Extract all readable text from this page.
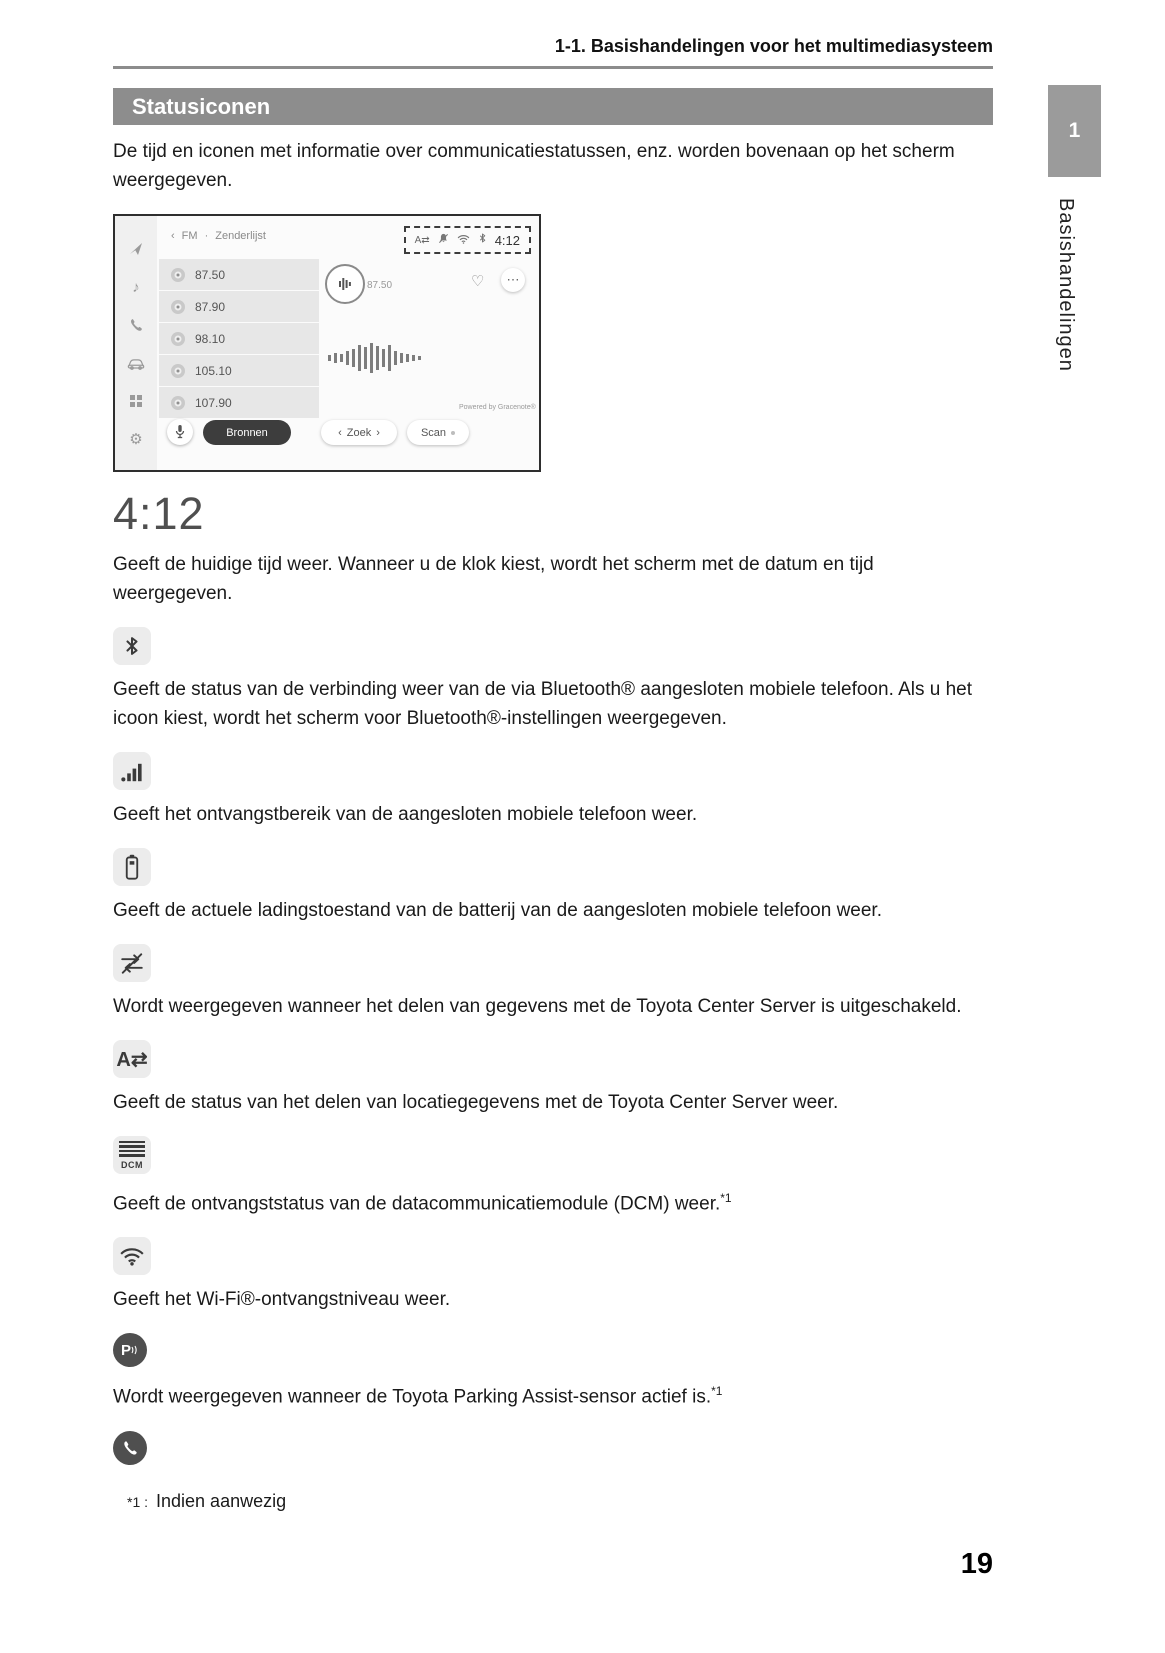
1
Basishandelingen
1-1. Basishandelingen voor het multimediasysteem
Statusiconen

De tijd en iconen met informatie over communicatiestatussen, enz. worden bovenaan op het scherm weergegeven.

♪
⚙
‹ FM · Zenderlijst	A⇄	4:12
87.50
87.90
98.10
105.10
107.90
87.50	♡ ⋯
Powered by Gracenote®
Bronnen	‹ Zoek ›	Scan
4:12

Geeft de huidige tijd weer. Wanneer u de klok kiest, wordt het scherm met de datum en tijd weergegeven.

Geeft de status van de verbinding weer van de via Bluetooth® aangesloten mobiele telefoon. Als u het icoon kiest, wordt het scherm voor Bluetooth®-instellingen weergegeven.

Geeft het ontvangstbereik van de aangesloten mobiele telefoon weer.

Geeft de actuele ladingstoestand van de batterij van de aangesloten mobiele telefoon weer.

Wordt weergegeven wanneer het delen van gegevens met de Toyota Center Server is uitgeschakeld.

A⇄

Geeft de status van het delen van locatiegegevens met de Toyota Center Server weer.

DCM

Geeft de ontvangststatus van de datacommunicatiemodule (DCM) weer.$^{*1}$

Geeft het Wi-Fi®-ontvangstniveau weer.

P

Wordt weergegeven wanneer de Toyota Parking Assist-sensor actief is.$^{*1}$

*1 : Indien aanwezig
19
